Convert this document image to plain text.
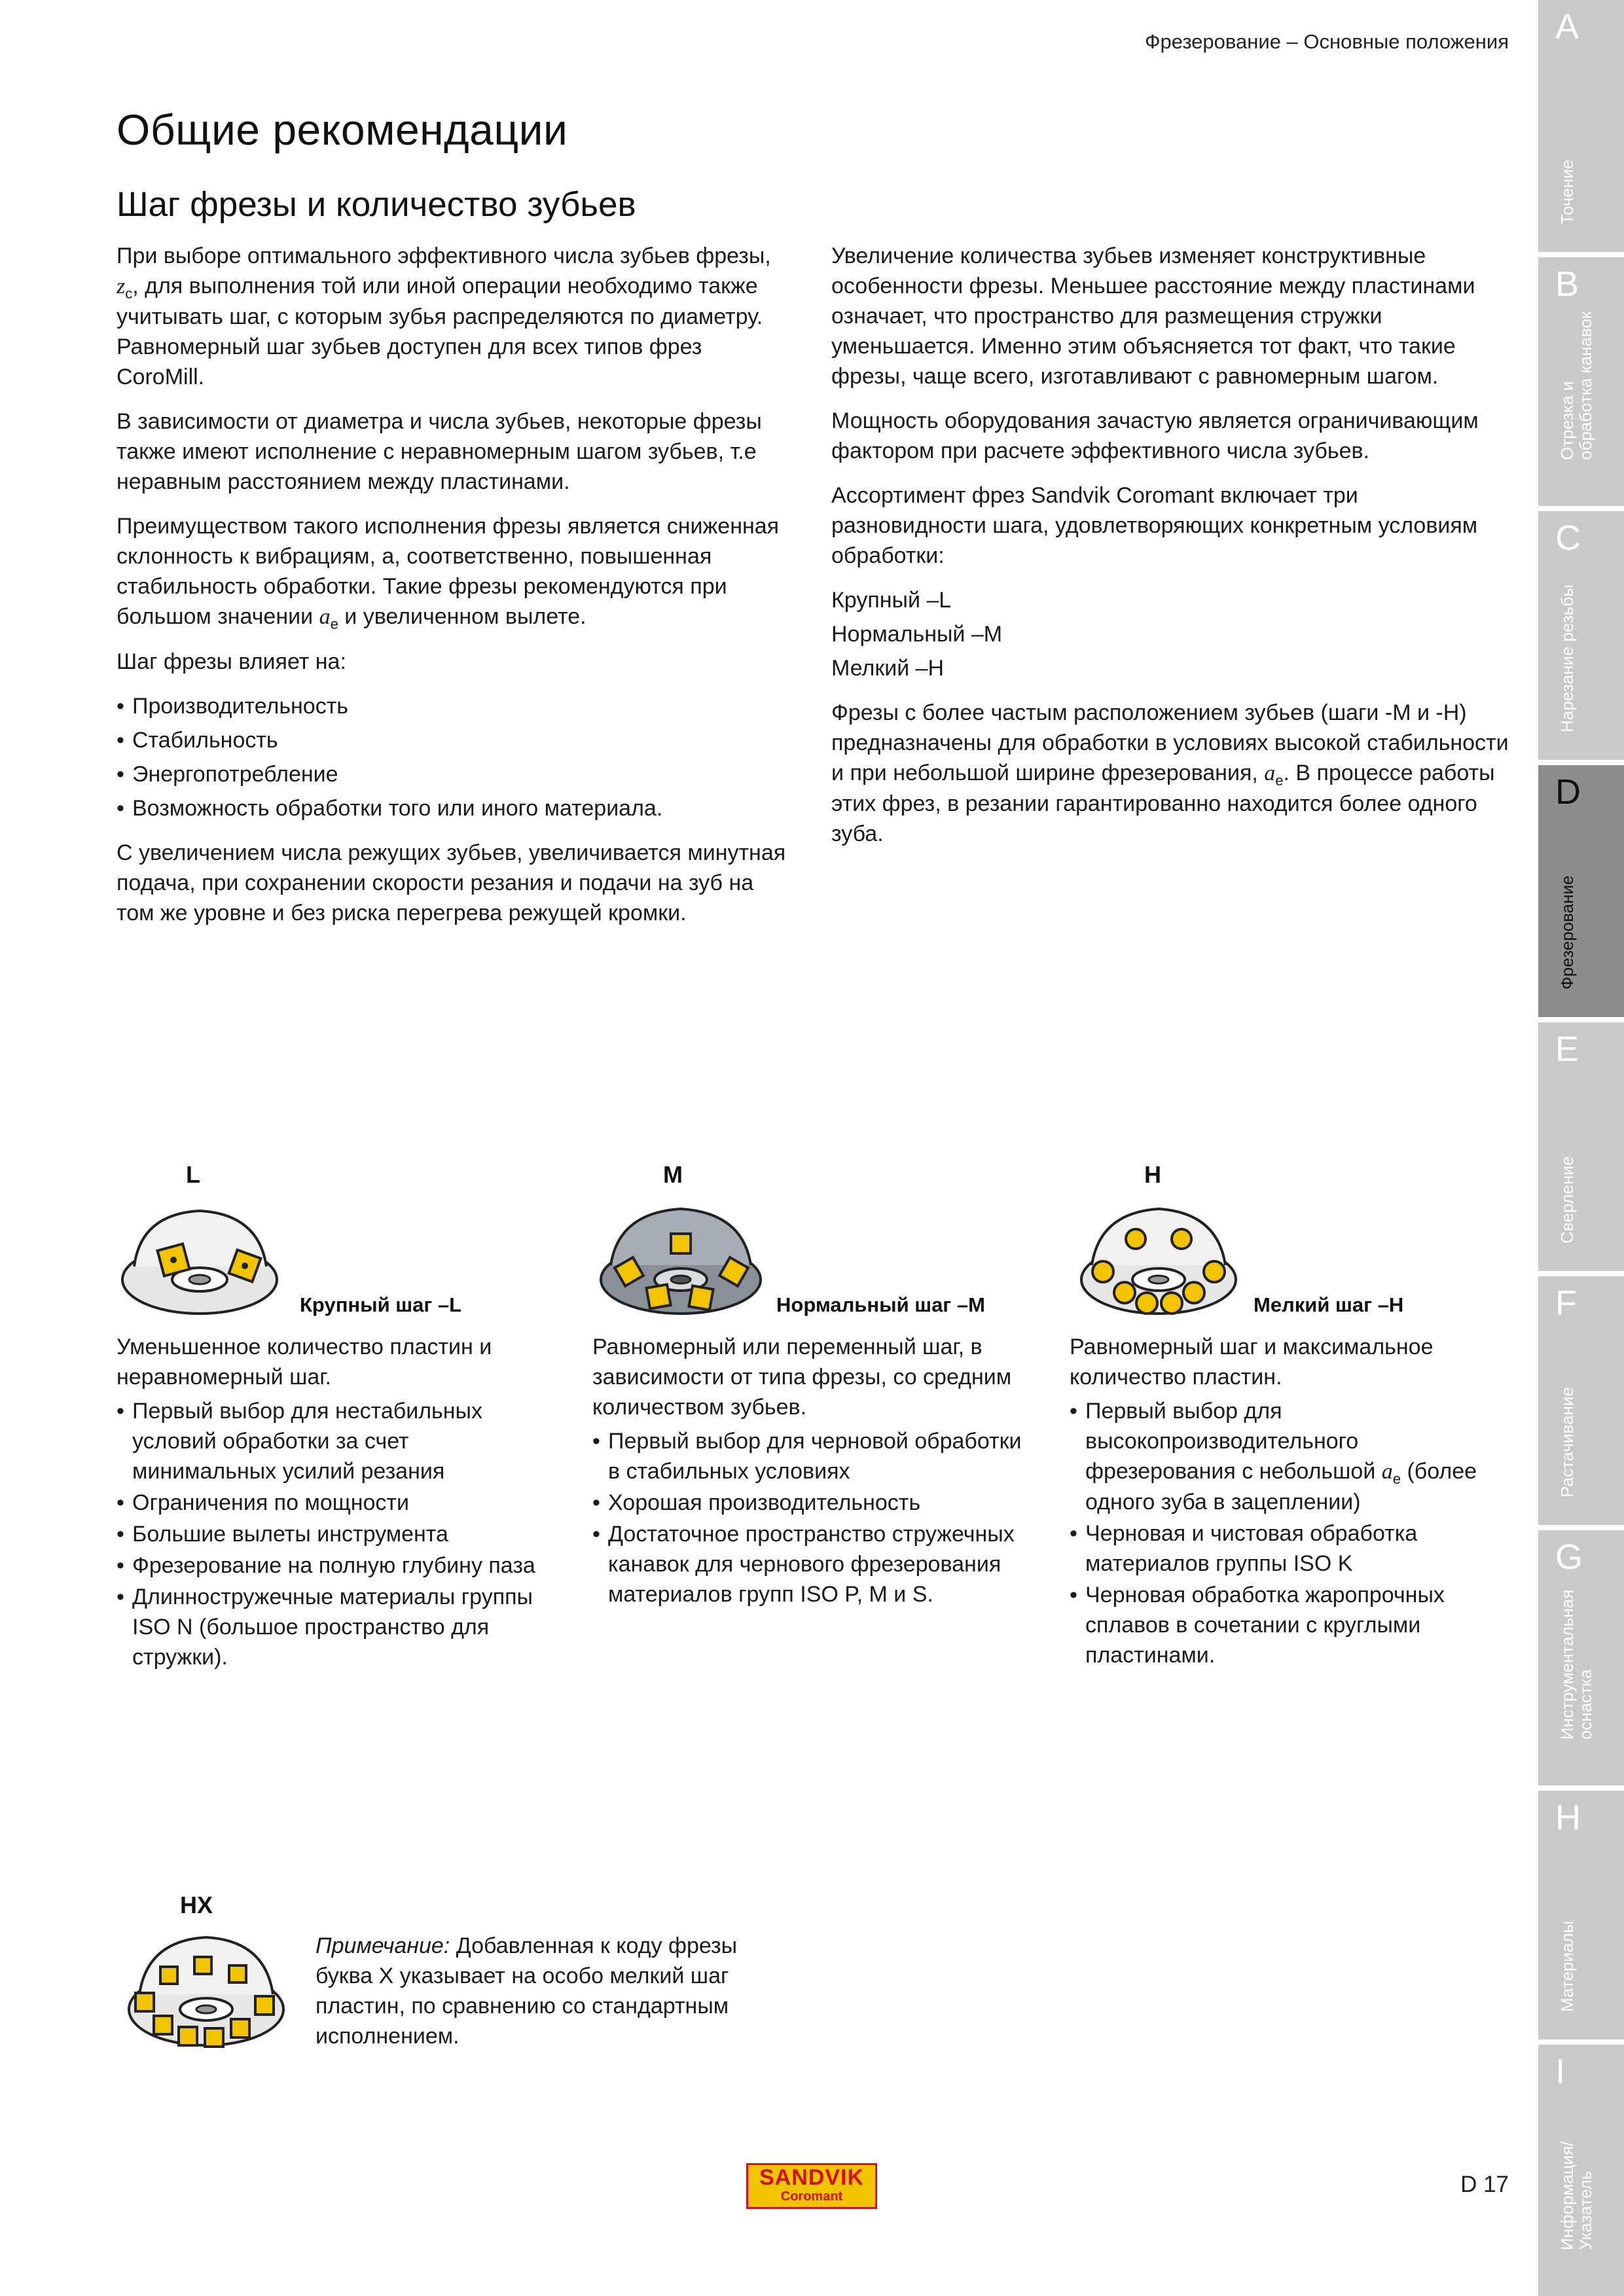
Фрезерование – Основные положения
Общие рекомендации
Шаг фрезы и количество зубьев

При выборе оптимального эффективного числа зубьев фрезы, $z_c$, для выполнения той или иной операции необходимо также учитывать шаг, с которым зубья распределяются по диаметру. Равномерный шаг зубьев доступен для всех типов фрез CoroMill.

В зависимости от диаметра и числа зубьев, некоторые фрезы также имеют исполнение с неравномерным шагом зубьев, т.е неравным расстоянием между пластинами.

Преимуществом такого исполнения фрезы является сниженная склонность к вибрациям, а, соответственно, повышенная стабильность обработки. Такие фрезы рекомендуются при большом значении $a_e$ и увеличенном вылете.

Шаг фрезы влияет на:

• Производительность
• Стабильность
• Энергопотребление
• Возможность обработки того или иного материала.

С увеличением числа режущих зубьев, увеличивается минутная подача, при сохранении скорости резания и подачи на зуб на том же уровне и без риска перегрева режущей кромки.

Увеличение количества зубьев изменяет конструктивные особенности фрезы. Меньшее расстояние между пластинами означает, что пространство для размещения стружки уменьшается. Именно этим объясняется тот факт, что такие фрезы, чаще всего, изготавливают с равномерным шагом.

Мощность оборудования зачастую является ограничивающим фактором при расчете эффективного числа зубьев.

Ассортимент фрез Sandvik Coromant включает три разновидности шага, удовлетворяющих конкретным условиям обработки:

Крупный –L
Нормальный –M
Мелкий –H

Фрезы с более частым расположением зубьев (шаги -M и -H) предназначены для обработки в условиях высокой стабильности и при небольшой ширине фрезерования, $a_e$. В процессе работы этих фрез, в резании гарантированно находится более одного зуба.

L
Крупный шаг –L

Уменьшенное количество пластин и неравномерный шаг.

• Первый выбор для нестабильных условий обработки за счет минимальных усилий резания
• Ограничения по мощности
• Большие вылеты инструмента
• Фрезерование на полную глубину паза
• Длинностружечные материалы группы ISO N (большое пространство для стружки).
M
Нормальный шаг –M

Равномерный или переменный шаг, в зависимости от типа фрезы, со средним количеством зубьев.

• Первый выбор для черновой обработки в стабильных условиях
• Хорошая производительность
• Достаточное пространство стружечных канавок для чернового фрезерования материалов групп ISO P, M и S.
H
Мелкий шаг –H

Равномерный шаг и максимальное количество пластин.

• Первый выбор для высокопроизводительного фрезерования с небольшой $a_e$ (более одного зуба в зацеплении)
• Черновая и чистовая обработка материалов группы ISO K
• Черновая обработка жаропрочных сплавов в сочетании с круглыми пластинами.
HX
Примечание: Добавленная к коду фрезы буква X указывает на особо мелкий шаг пластин, по сравнению со стандартным исполнением.
SANDVIK
Coromant	D 17
A
Точение
B
Отрезка и
обработка канавок
C
Нарезание резьбы
D
Фрезерование
E
Сверление
F
Растачивание
G
Инструментальная
оснастка
H
Материалы
I
Информация/
Указатель
